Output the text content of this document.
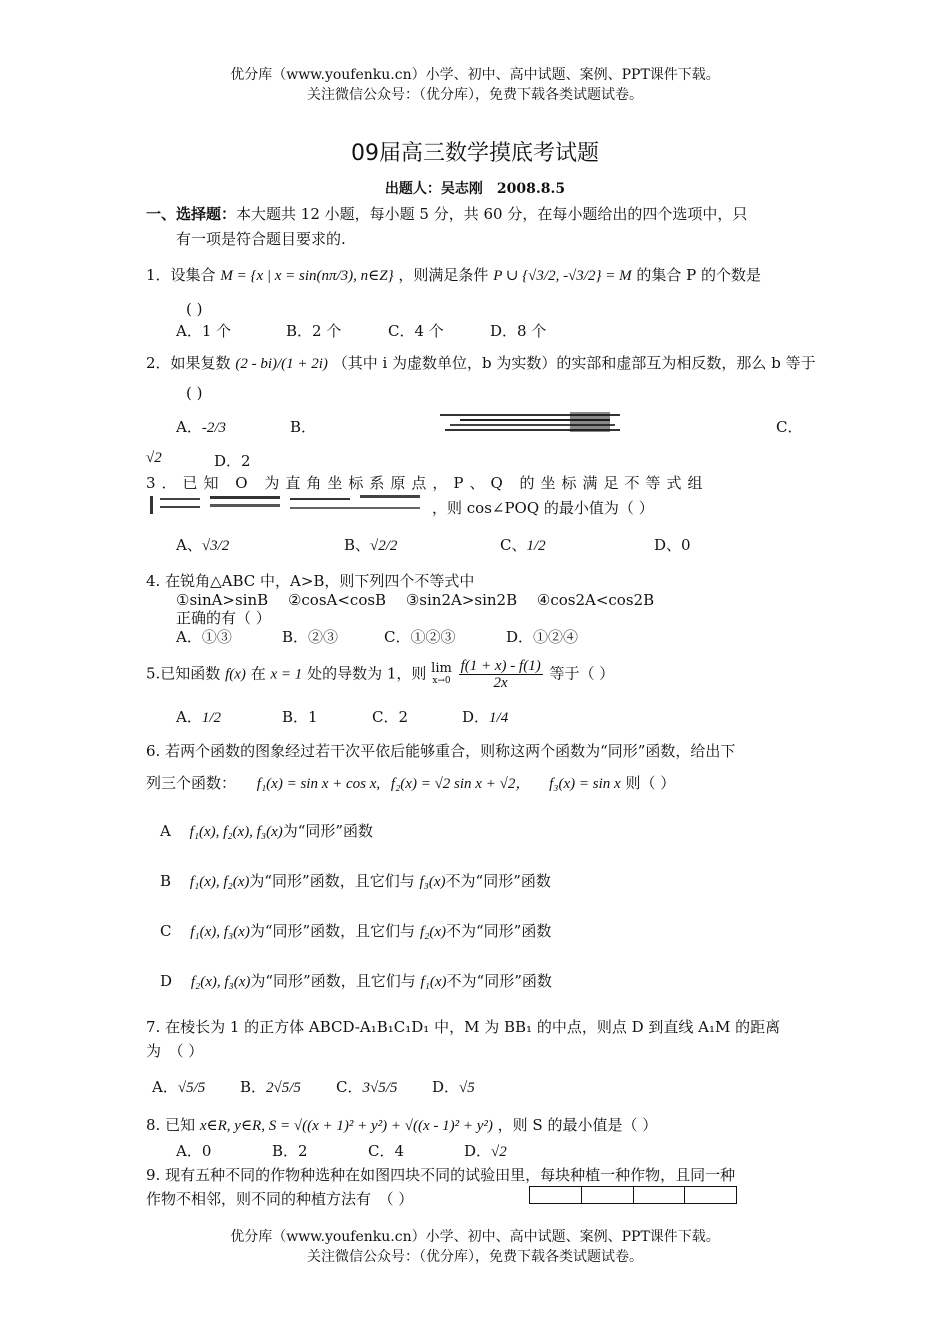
优分库（www.youfenku.cn）小学、初中、高中试题、案例、PPT课件下载。
关注微信公众号：（优分库），免费下载各类试题试卷。
09届高三数学摸底考试题
出题人：吴志刚　2008.8.5
一、选择题：本大题共 12 小题，每小题 5 分，共 60 分，在每小题给出的四个选项中，只
有一项是符合题目要求的.
1．设集合 M = {x | x = sin(nπ/3), n∈Z} ，则满足条件 P ∪ {√3/2, -√3/2} = M 的集合 P 的个数是
( )
A．1 个	B．2 个	C．4 个	D．8 个
2．如果复数 (2 - bi)/(1 + 2i) （其中 i 为虚数单位，b 为实数）的实部和虚部互为相反数，那么 b 等于
( )
A．-2/3	B．	C．
√2	D．2
3．已知 O 为直角坐标系原点，P、Q 的坐标满足不等式组
，则 cos∠POQ 的最小值为（ ）
A、√3/2	B、√2/2	C、1/2	D、0
4. 在锐角△ABC 中，A>B，则下列四个不等式中
①sinA>sinB　 ②cosA<cosB　 ③sin2A>sin2B　 ④cos2A<cos2B
正确的有（ ）
A．①③	B．②③	C．①②③	D．①②④
5.已知函数 f(x) 在 x = 1 处的导数为 1，则 lim
x→0
$\frac{f(1 + x) - f(1)}{2x}$ 等于（ ）
A．1/2	B．1	C．2	D．1/4
6. 若两个函数的图象经过若干次平依后能够重合，则称这两个函数为“同形”函数，给出下
列三个函数： f₁(x) = sin x + cos x, f₂(x) = √2 sin x + √2， f₃(x) = sin x 则（ ）
A f₁(x), f₂(x), f₃(x)为“同形”函数
B f₁(x), f₂(x)为“同形”函数，且它们与 f₃(x)不为“同形”函数
C f₁(x), f₃(x)为“同形”函数，且它们与 f₂(x)不为“同形”函数
D f₂(x), f₃(x)为“同形”函数，且它们与 f₁(x)不为“同形”函数
7. 在棱长为 1 的正方体 ABCD-A₁B₁C₁D₁ 中，M 为 BB₁ 的中点，则点 D 到直线 A₁M 的距离
为　（ ）
A．√5/5 B．2√5/5 C．3√5/5 D．√5
8. 已知 x∈R, y∈R, S = √((x + 1)² + y²) + √((x - 1)² + y²) ，则 S 的最小值是（ ）
A．0	B．2	C．4	D．√2
9. 现有五种不同的作物种选种在如图四块不同的试验田里，每块种植一种作物，且同一种
作物不相邻，则不同的种植方法有　（ ）
优分库（www.youfenku.cn）小学、初中、高中试题、案例、PPT课件下载。
关注微信公众号：（优分库），免费下载各类试题试卷。
